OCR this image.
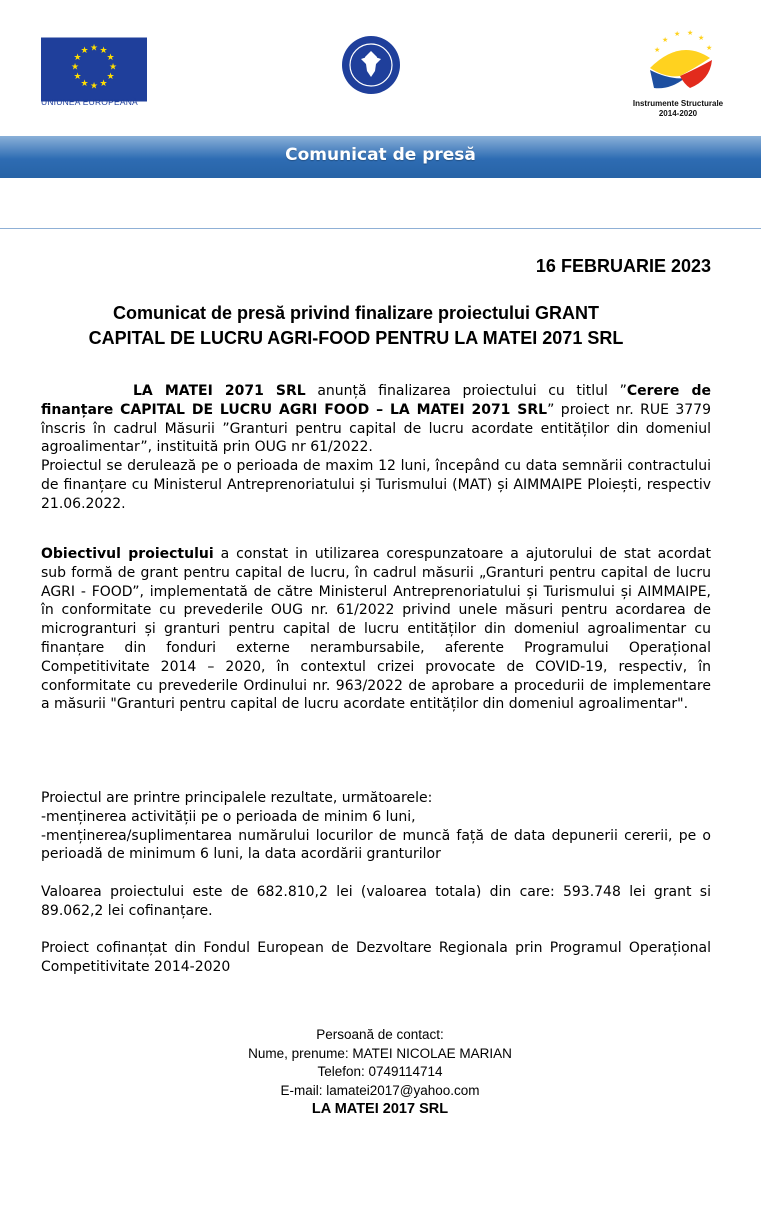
★ ★
★
★
★
★
★
★
★
★
★
★
UNIUNEA EUROPEANĂ
★
★ ★
★
★	★
Instrumente Structurale
2014-2020
Comunicat de presă
16 FEBRUARIE 2023
Comunicat de presă privind finalizare proiectului GRANT
CAPITAL DE LUCRU AGRI-FOOD PENTRU LA MATEI 2071 SRL
LA MATEI 2071 SRL anunță finalizarea proiectului cu titlul ”Cerere de finanțare CAPITAL DE LUCRU AGRI FOOD – LA MATEI 2071 SRL” proiect nr. RUE 3779 înscris în cadrul Măsurii ”Granturi pentru capital de lucru acordate entităților din domeniul agroalimentar”, instituită prin OUG nr 61/2022.
Proiectul se derulează pe o perioada de maxim 12 luni, începând cu data semnării contractului de finanțare cu Ministerul Antreprenoriatului și Turismului (MAT) și AIMMAIPE Ploiești, respectiv 21.06.2022.
Obiectivul proiectului a constat in utilizarea corespunzatoare a ajutorului de stat acordat sub formă de grant pentru capital de lucru, în cadrul măsurii „Granturi pentru capital de lucru AGRI - FOOD”, implementată de către Ministerul Antreprenoriatului și Turismului și AIMMAIPE, în conformitate cu prevederile OUG nr. 61/2022 privind unele măsuri pentru acordarea de microgranturi și granturi pentru capital de lucru entităților din domeniul agroalimentar cu finanțare din fonduri externe nerambursabile, aferente Programului Operațional Competitivitate 2014 – 2020, în contextul crizei provocate de COVID-19, respectiv, în conformitate cu prevederile Ordinului nr. 963/2022 de aprobare a procedurii de implementare a măsurii "Granturi pentru capital de lucru acordate entităților din domeniul agroalimentar".
Proiectul are printre principalele rezultate, următoarele:
-menținerea activității pe o perioada de minim 6 luni,
-menținerea/suplimentarea numărului locurilor de muncă față de data depunerii cererii, pe o perioadă de minimum 6 luni, la data acordării granturilor
Valoarea proiectului este de 682.810,2 lei (valoarea totala) din care: 593.748 lei grant si 89.062,2 lei cofinanțare.
Proiect cofinanțat din Fondul European de Dezvoltare Regionala prin Programul Operațional Competitivitate 2014-2020
Persoană de contact:
Nume, prenume: MATEI NICOLAE MARIAN
Telefon: 0749114714
E-mail: lamatei2017@yahoo.com
LA MATEI 2017 SRL
